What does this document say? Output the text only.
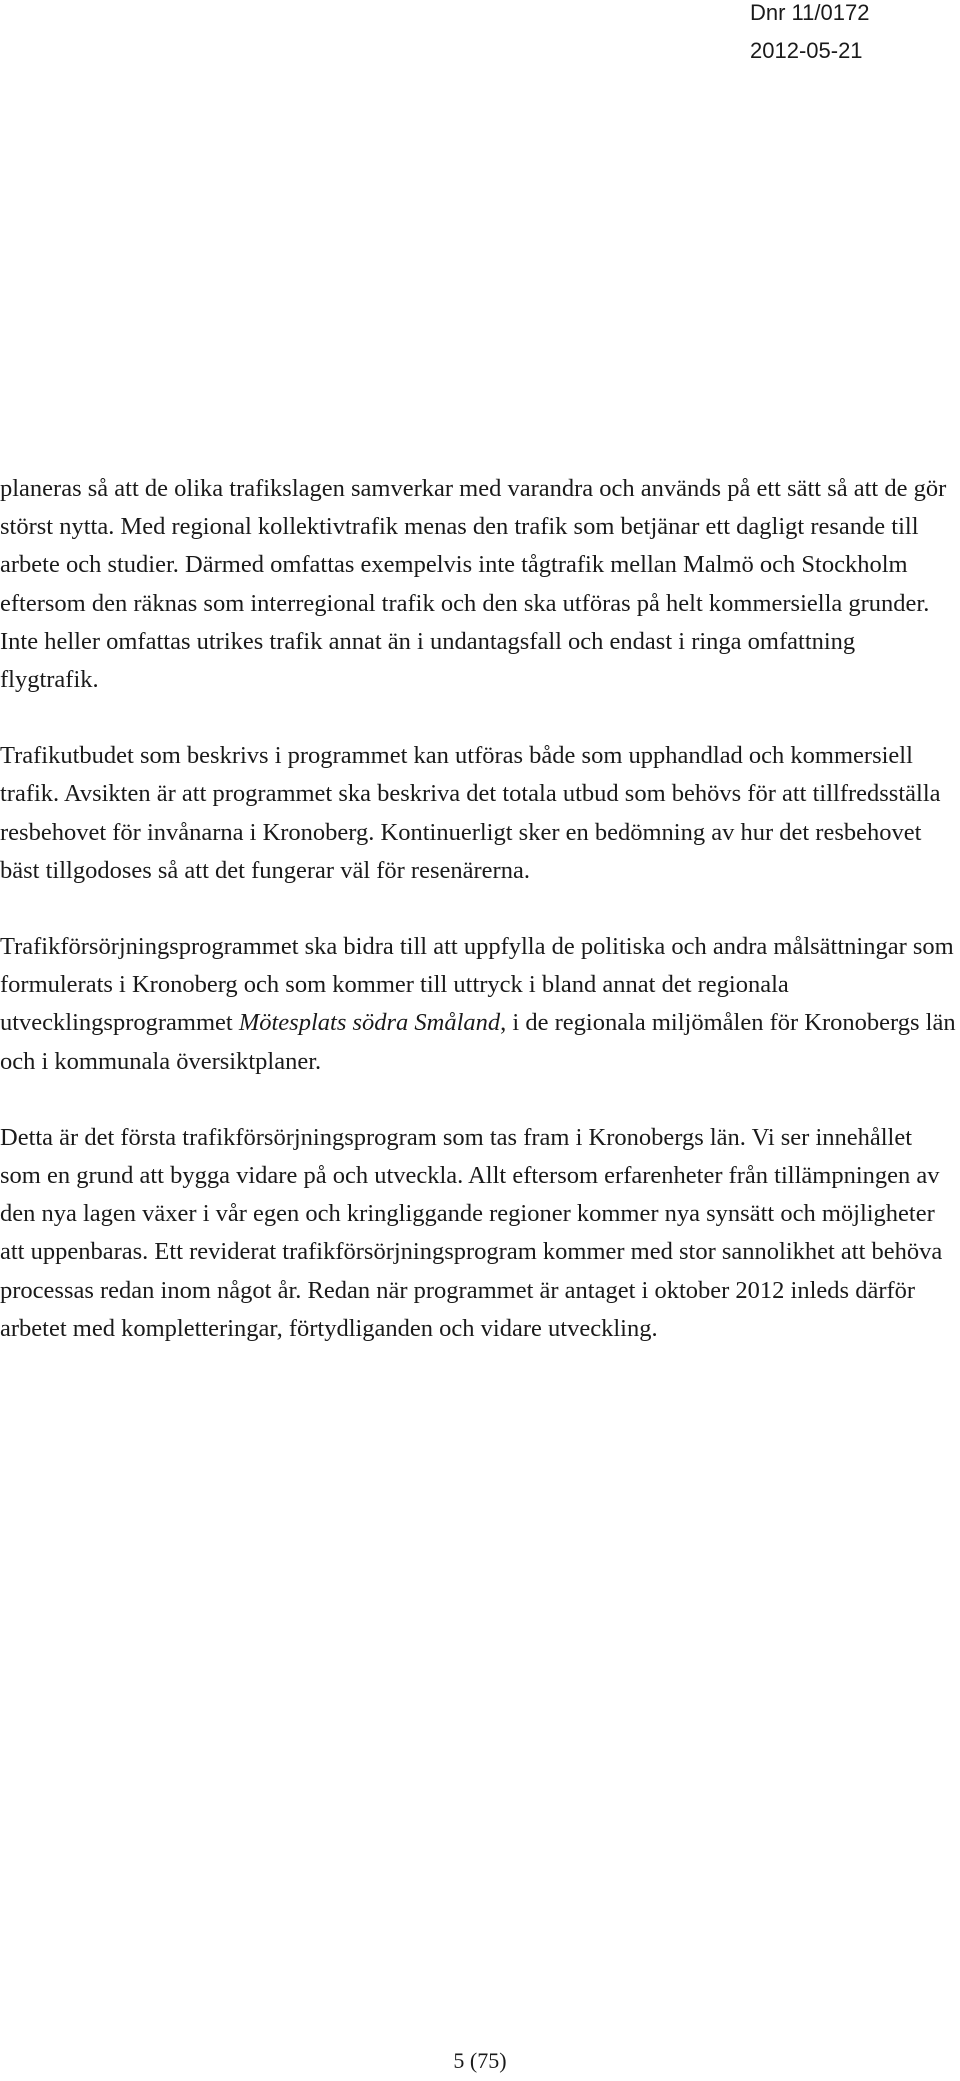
Dnr 11/0172
2012-05-21

planeras så att de olika trafikslagen samverkar med varandra och används på ett sätt så att de gör störst nytta. Med regional kollektivtrafik menas den trafik som betjänar ett dagligt resande till arbete och studier. Därmed omfattas exempelvis inte tågtrafik mellan Malmö och Stockholm eftersom den räknas som interregional trafik och den ska utföras på helt kommersiella grunder. Inte heller omfattas utrikes trafik annat än i undantagsfall och endast i ringa omfattning flygtrafik.

Trafikutbudet som beskrivs i programmet kan utföras både som upphandlad och kommersiell trafik. Avsikten är att programmet ska beskriva det totala utbud som behövs för att tillfredsställa resbehovet för invånarna i Kronoberg. Kontinuerligt sker en bedömning av hur det resbehovet bäst tillgodoses så att det fungerar väl för resenärerna.

Trafikförsörjningsprogrammet ska bidra till att uppfylla de politiska och andra målsättningar som formulerats i Kronoberg och som kommer till uttryck i bland annat det regionala utvecklingsprogrammet Mötesplats södra Småland, i de regionala miljömålen för Kronobergs län och i kommunala översiktplaner.

Detta är det första trafikförsörjningsprogram som tas fram i Kronobergs län. Vi ser innehållet som en grund att bygga vidare på och utveckla. Allt eftersom erfarenheter från tillämpningen av den nya lagen växer i vår egen och kringliggande regioner kommer nya synsätt och möjligheter att uppenbaras. Ett reviderat trafikförsörjningsprogram kommer med stor sannolikhet att behöva processas redan inom något år. Redan när programmet är antaget i oktober 2012 inleds därför arbetet med kompletteringar, förtydliganden och vidare utveckling.

5 (75)
